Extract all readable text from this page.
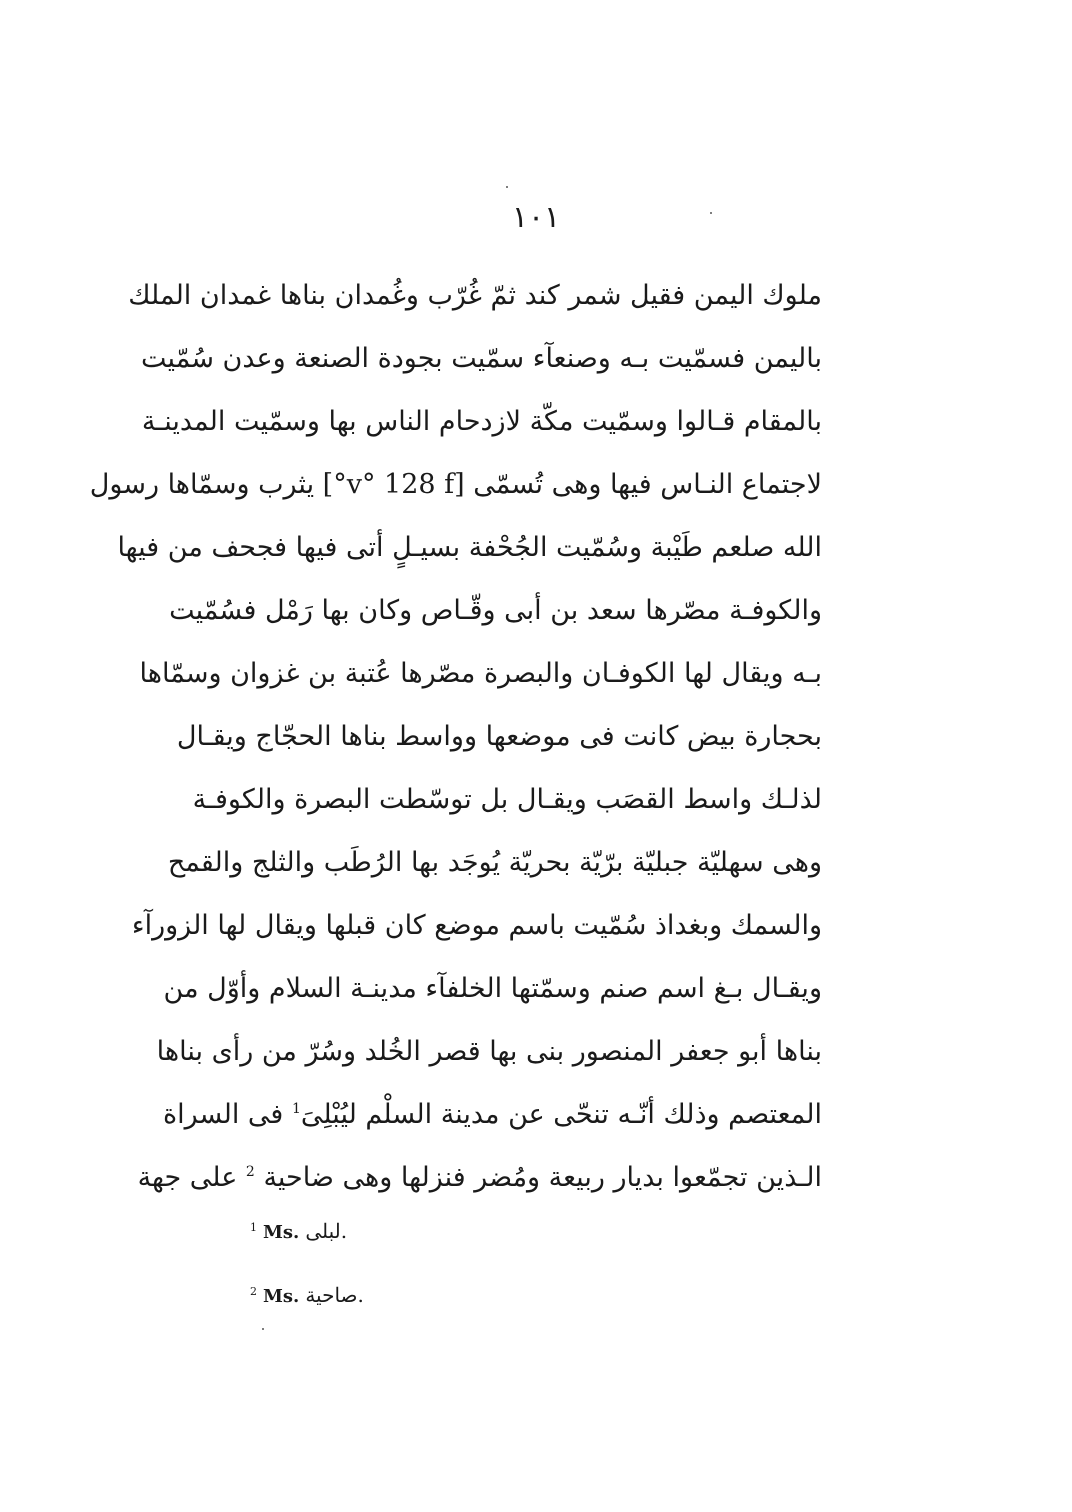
١٠١
ملوك اليمن فقيل شمر كند ثمّ غُرّب وغُمدان بناها غمدان الملك
باليمن فسمّيت بـه وصنعآء سمّيت بجودة الصنعة وعدن سُمّيت
بالمقام قـالوا وسمّيت مكّة لازدحام الناس بها وسمّيت المدينـة
لاجتماع النـاس فيها وهى تُسمّى [v° 128 f°] يثرب وسمّاها رسول
الله صلعم طَيْبة وسُمّيت الجُحْفة بسيـلٍ أتى فيها فجحف من فيها
والكوفـة مصّرها سعد بن أبى وقّـاص وكان بها رَمْل فسُمّيت
بـه ويقال لها الكوفـان والبصرة مصّرها عُتبة بن غزوان وسمّاها
بحجارة بيض كانت فى موضعها وواسط بناها الحجّاج ويقـال
لذلـك واسط القصَب ويقـال بل توسّطت البصرة والكوفـة
وهى سهليّة جبليّة برّيّة بحريّة يُوجَد بها الرُطَب والثلج والقمح
والسمك وبغداذ سُمّيت باسم موضع كان قبلها ويقال لها الزورآء
ويقـال بـغ اسم صنم وسمّتها الخلفآء مدينـة السلام وأوّل من
بناها أبو جعفر المنصور بنى بها قصر الخُلد وسُرّ من رأى بناها
المعتصم وذلك أنّـه تنحّى عن مدينة السلْم ليُبْلِىَ$^1$ فى السراة
الـذين تجمّعوا بديار ربيعة ومُضر فنزلها وهى ضاحية $^2$ على جهة
$^1$ Ms. لبلى.
$^2$ Ms. صاحية.
